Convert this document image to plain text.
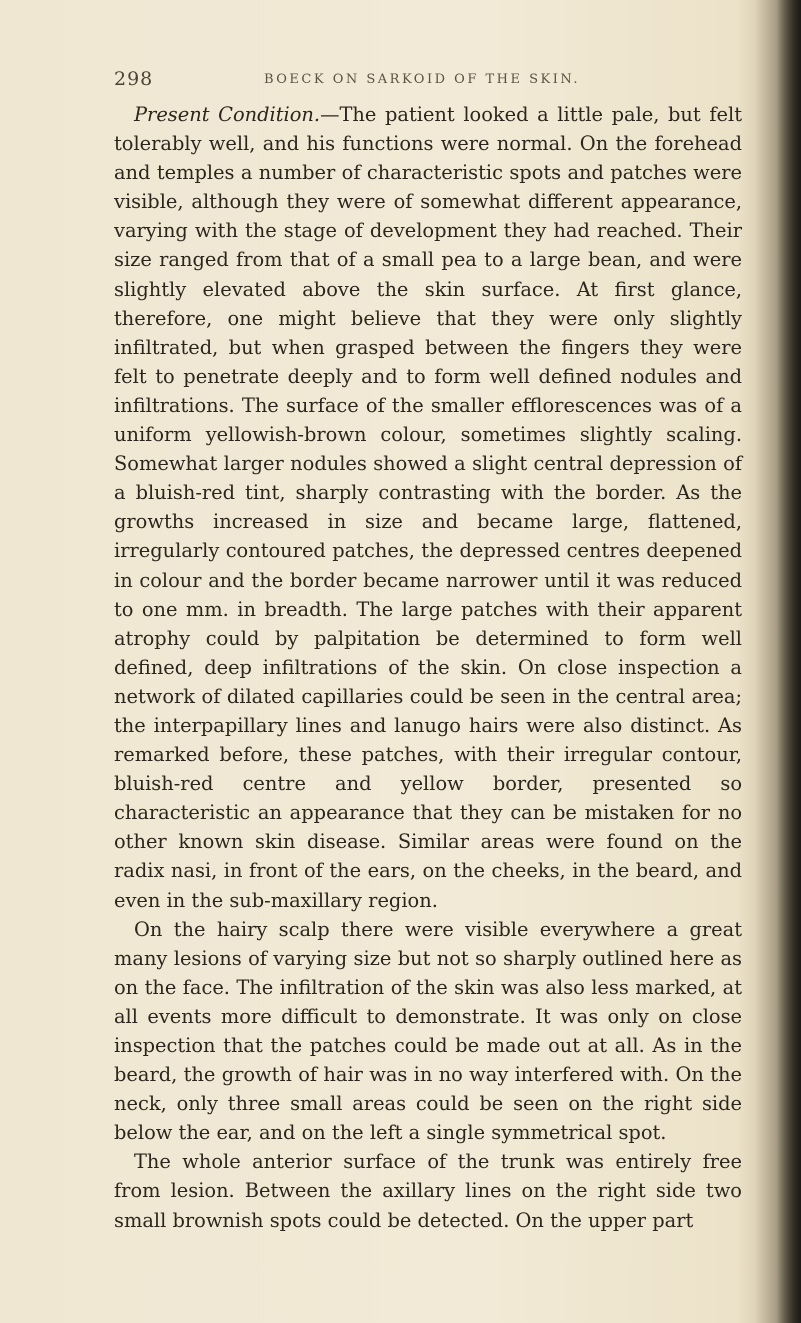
298	BOECK ON SARKOID OF THE SKIN.

Present Condition.—The patient looked a little pale, but felt tolerably well, and his functions were normal. On the forehead and temples a number of characteristic spots and patches were visible, although they were of somewhat different appearance, varying with the stage of development they had reached. Their size ranged from that of a small pea to a large bean, and were slightly elevated above the skin surface. At first glance, therefore, one might believe that they were only slightly infiltrated, but when grasped between the fingers they were felt to penetrate deeply and to form well defined nodules and infiltrations. The surface of the smaller efflorescences was of a uniform yellowish-brown colour, sometimes slightly scaling. Somewhat larger nodules showed a slight central depression of a bluish-red tint, sharply contrasting with the border. As the growths increased in size and became large, flattened, irregularly contoured patches, the depressed centres deepened in colour and the border became narrower until it was reduced to one mm. in breadth. The large patches with their apparent atrophy could by palpitation be determined to form well defined, deep infiltrations of the skin. On close inspection a network of dilated capillaries could be seen in the central area; the interpapillary lines and lanugo hairs were also distinct. As remarked before, these patches, with their irregular contour, bluish-red centre and yellow border, presented so characteristic an appearance that they can be mistaken for no other known skin disease. Similar areas were found on the radix nasi, in front of the ears, on the cheeks, in the beard, and even in the sub-maxillary region.

On the hairy scalp there were visible everywhere a great many lesions of varying size but not so sharply outlined here as on the face. The infiltration of the skin was also less marked, at all events more difficult to demonstrate. It was only on close inspection that the patches could be made out at all. As in the beard, the growth of hair was in no way interfered with. On the neck, only three small areas could be seen on the right side below the ear, and on the left a single symmetrical spot.

The whole anterior surface of the trunk was entirely free from lesion. Between the axillary lines on the right side two small brownish spots could be detected. On the upper part
